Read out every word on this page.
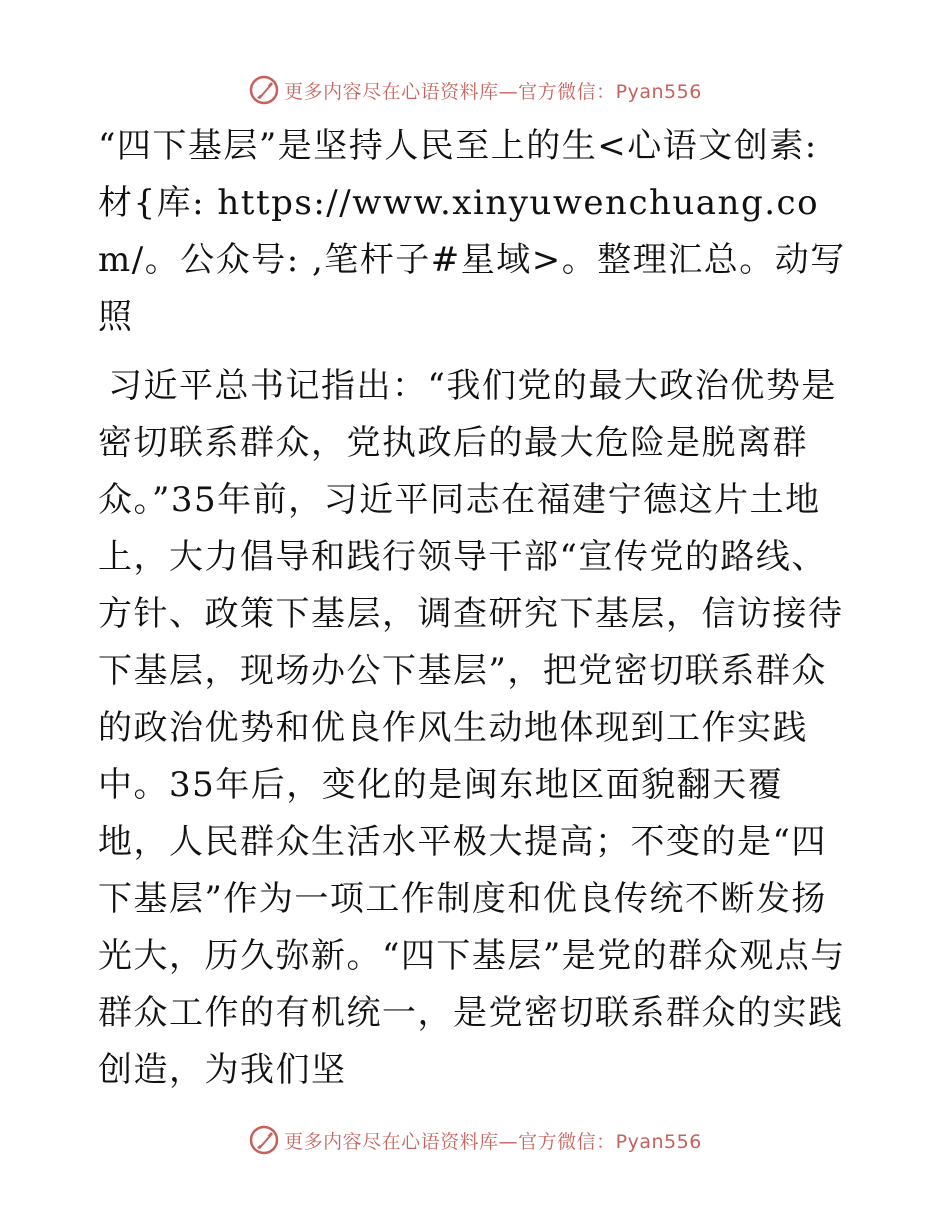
更多内容尽在心语资料库—官方微信：Pyan556

“四下基层”是坚持人民至上的生<心语文创素:材{库: https://www.xinyuwenchuang.com/。公众号: ,笔杆子#星域>。整理汇总。动写照

习近平总书记指出：“我们党的最大政治优势是密切联系群众，党执政后的最大危险是脱离群众。”35年前，习近平同志在福建宁德这片土地上，大力倡导和践行领导干部“宣传党的路线、方针、政策下基层，调查研究下基层，信访接待下基层，现场办公下基层”，把党密切联系群众的政治优势和优良作风生动地体现到工作实践中。35年后，变化的是闽东地区面貌翻天覆地，人民群众生活水平极大提高；不变的是“四下基层”作为一项工作制度和优良传统不断发扬光大，历久弥新。“四下基层”是党的群众观点与群众工作的有机统一，是党密切联系群众的实践创造，为我们坚

更多内容尽在心语资料库—官方微信：Pyan556
